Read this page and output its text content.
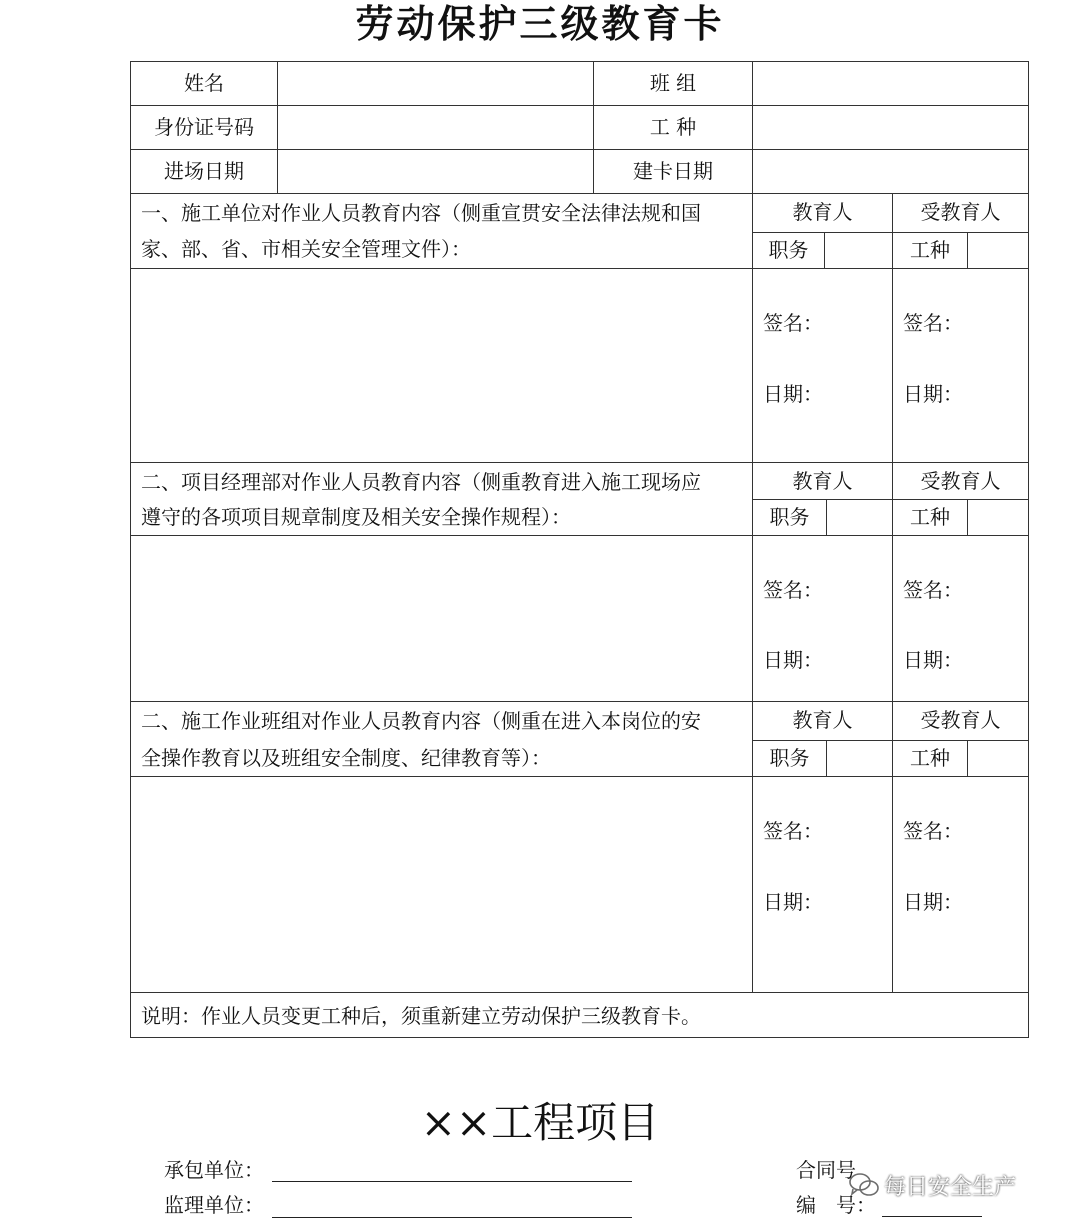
劳动保护三级教育卡
姓名	班 组
身份证号码	工 种
进场日期	建卡日期
一、施工单位对作业人员教育内容（侧重宣贯安全法律法规和国
家、部、省、市相关安全管理文件）：
教育人	受教育人
职务	工种
签名：
日期：
签名：
日期：
二、项目经理部对作业人员教育内容（侧重教育进入施工现场应
遵守的各项项目规章制度及相关安全操作规程）：
教育人	受教育人
职务	工种
签名：
日期：
签名：
日期：
二、施工作业班组对作业人员教育内容（侧重在进入本岗位的安
全操作教育以及班组安全制度、纪律教育等）：
教育人	受教育人
职务	工种
签名：
日期：
签名：
日期：
说明：作业人员变更工种后，须重新建立劳动保护三级教育卡。
××工程项目
承包单位：
监理单位：
合同号
编　号：
每日安全生产
